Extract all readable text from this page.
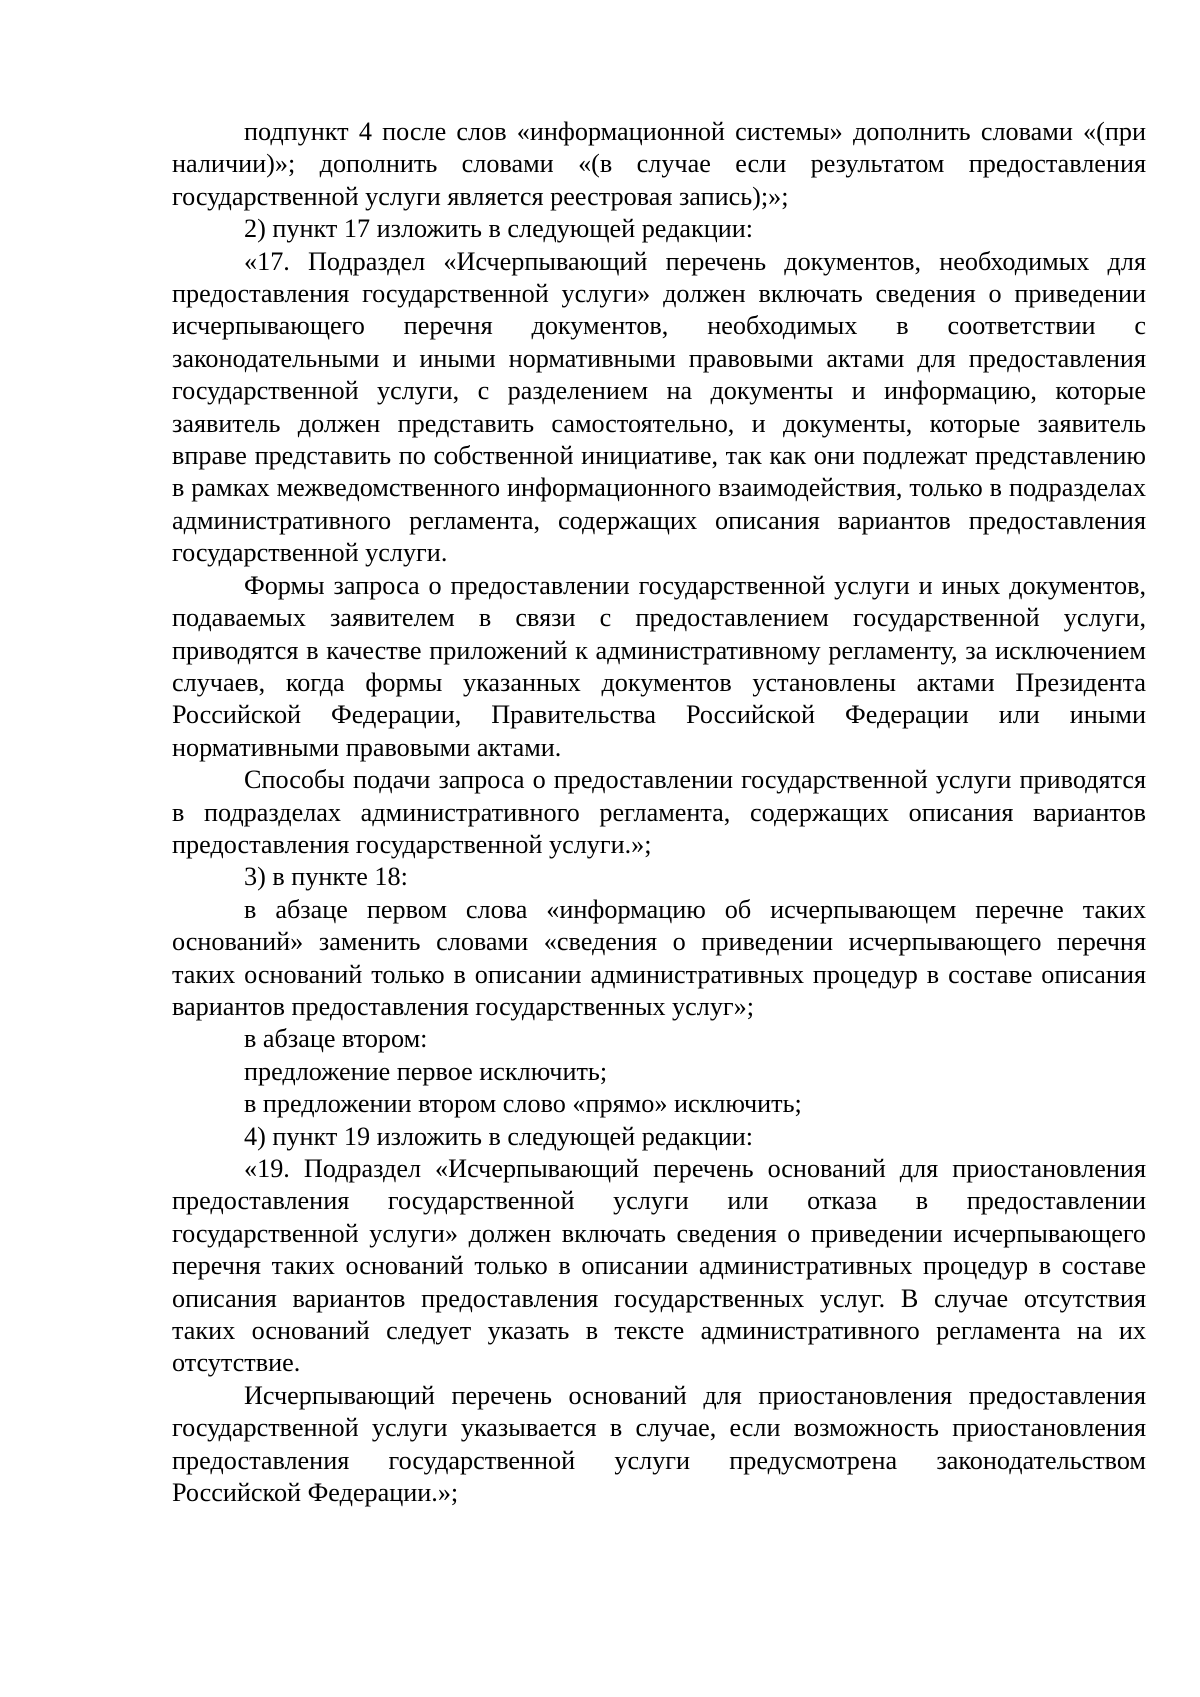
подпункт 4 после слов «информационной системы» дополнить словами «(при наличии)»; дополнить словами «(в случае если результатом предоставления государственной услуги является реестровая запись);»;

2) пункт 17 изложить в следующей редакции:

«17. Подраздел «Исчерпывающий перечень документов, необходимых для предоставления государственной услуги» должен включать сведения о приведении исчерпывающего перечня документов, необходимых в соответствии с законодательными и иными нормативными правовыми актами для предоставления государственной услуги, с разделением на документы и информацию, которые заявитель должен представить самостоятельно, и документы, которые заявитель вправе представить по собственной инициативе, так как они подлежат представлению в рамках межведомственного информационного взаимодействия, только в подразделах административного регламента, содержащих описания вариантов предоставления государственной услуги.

Формы запроса о предоставлении государственной услуги и иных документов, подаваемых заявителем в связи с предоставлением государственной услуги, приводятся в качестве приложений к административному регламенту, за исключением случаев, когда формы указанных документов установлены актами Президента Российской Федерации, Правительства Российской Федерации или иными нормативными правовыми актами.

Способы подачи запроса о предоставлении государственной услуги приводятся в подразделах административного регламента, содержащих описания вариантов предоставления государственной услуги.»;

3) в пункте 18:

в абзаце первом слова «информацию об исчерпывающем перечне таких оснований» заменить словами «сведения о приведении исчерпывающего перечня таких оснований только в описании административных процедур в составе описания вариантов предоставления государственных услуг»;

в абзаце втором:

предложение первое исключить;

в предложении втором слово «прямо» исключить;

4) пункт 19 изложить в следующей редакции:

«19. Подраздел «Исчерпывающий перечень оснований для приостановления предоставления государственной услуги или отказа в предоставлении государственной услуги» должен включать сведения о приведении исчерпывающего перечня таких оснований только в описании административных процедур в составе описания вариантов предоставления государственных услуг. В случае отсутствия таких оснований следует указать в тексте административного регламента на их отсутствие.

Исчерпывающий перечень оснований для приостановления предоставления государственной услуги указывается в случае, если возможность приостановления предоставления государственной услуги предусмотрена законодательством Российской Федерации.»;
